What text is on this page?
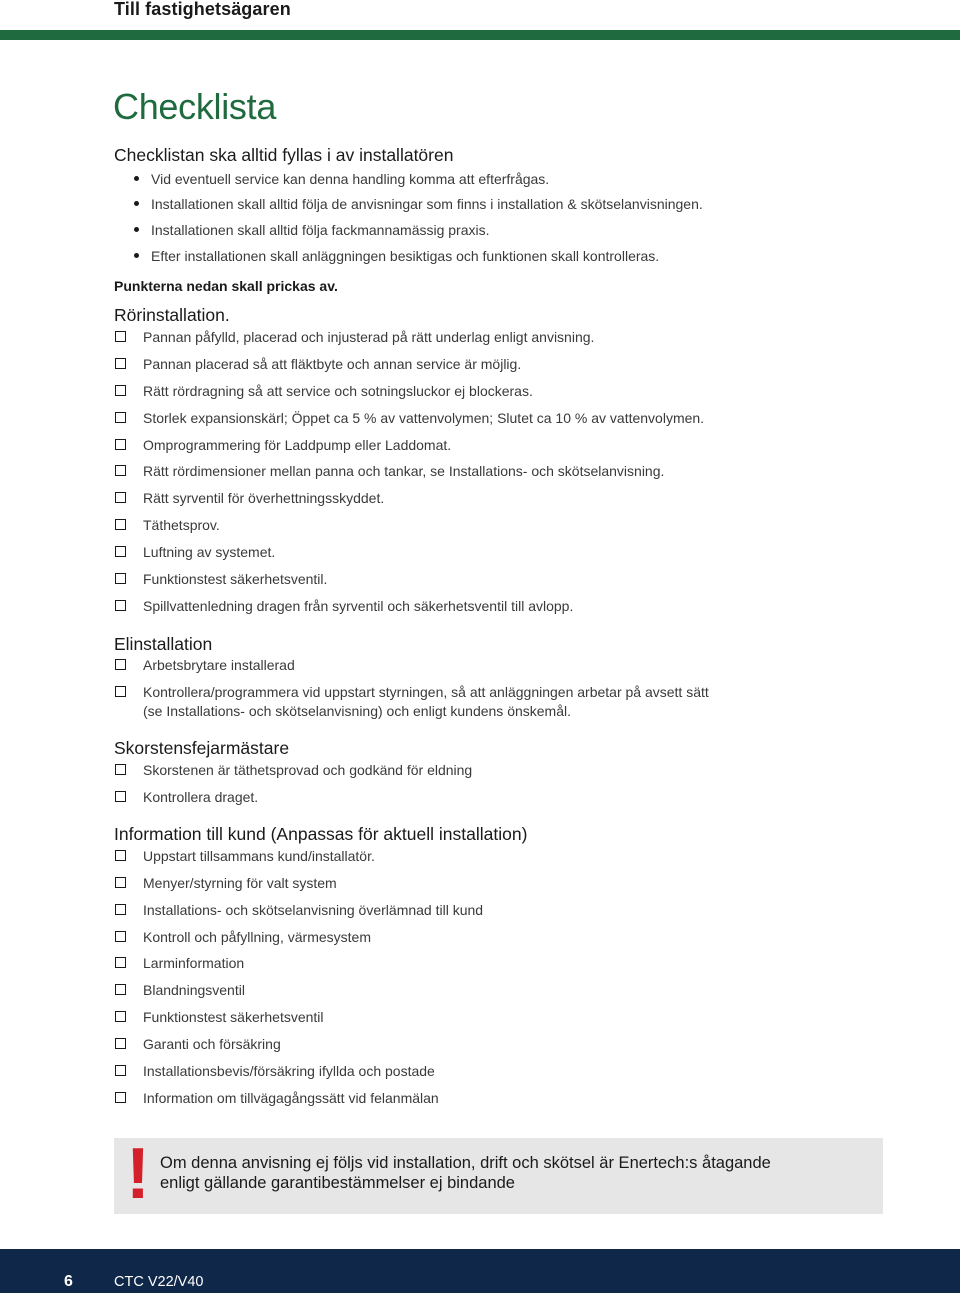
Till fastighetsägaren
Checklista
Checklistan ska alltid fyllas i av installatören
Vid eventuell service kan denna handling komma att efterfrågas.
Installationen skall alltid följa de anvisningar som finns i installation & skötselanvisningen.
Installationen skall alltid följa fackmannamässig praxis.
Efter installationen skall anläggningen besiktigas och funktionen skall kontrolleras.
Punkterna nedan skall prickas av.
Rörinstallation.
Pannan påfylld, placerad och injusterad på rätt underlag enligt anvisning.
Pannan placerad så att fläktbyte och annan service är möjlig.
Rätt rördragning så att service och sotningsluckor ej blockeras.
Storlek expansionskärl; Öppet ca 5 % av vattenvolymen; Slutet ca 10 % av vattenvolymen.
Omprogrammering för Laddpump eller Laddomat.
Rätt rördimensioner mellan panna och tankar, se Installations- och skötselanvisning.
Rätt syrventil för överhettningsskyddet.
Täthetsprov.
Luftning av systemet.
Funktionstest säkerhetsventil.
Spillvattenledning dragen från syrventil och säkerhetsventil till avlopp.
Elinstallation
Arbetsbrytare installerad
Kontrollera/programmera vid uppstart styrningen, så att anläggningen arbetar på avsett sätt
(se Installations- och skötselanvisning) och enligt kundens önskemål.
Skorstensfejarmästare
Skorstenen är täthetsprovad och godkänd för eldning
Kontrollera draget.
Information till kund (Anpassas för aktuell installation)
Uppstart tillsammans kund/installatör.
Menyer/styrning för valt system
Installations- och skötselanvisning överlämnad till kund
Kontroll och påfyllning, värmesystem
Larminformation
Blandningsventil
Funktionstest säkerhetsventil
Garanti och försäkring
Installationsbevis/försäkring ifyllda och postade
Information om tillvägagångssätt vid felanmälan
! Om denna anvisning ej följs vid installation, drift och skötsel är Enertech:s åtagande
enligt gällande garantibestämmelser ej bindande
6	CTC V22/V40
